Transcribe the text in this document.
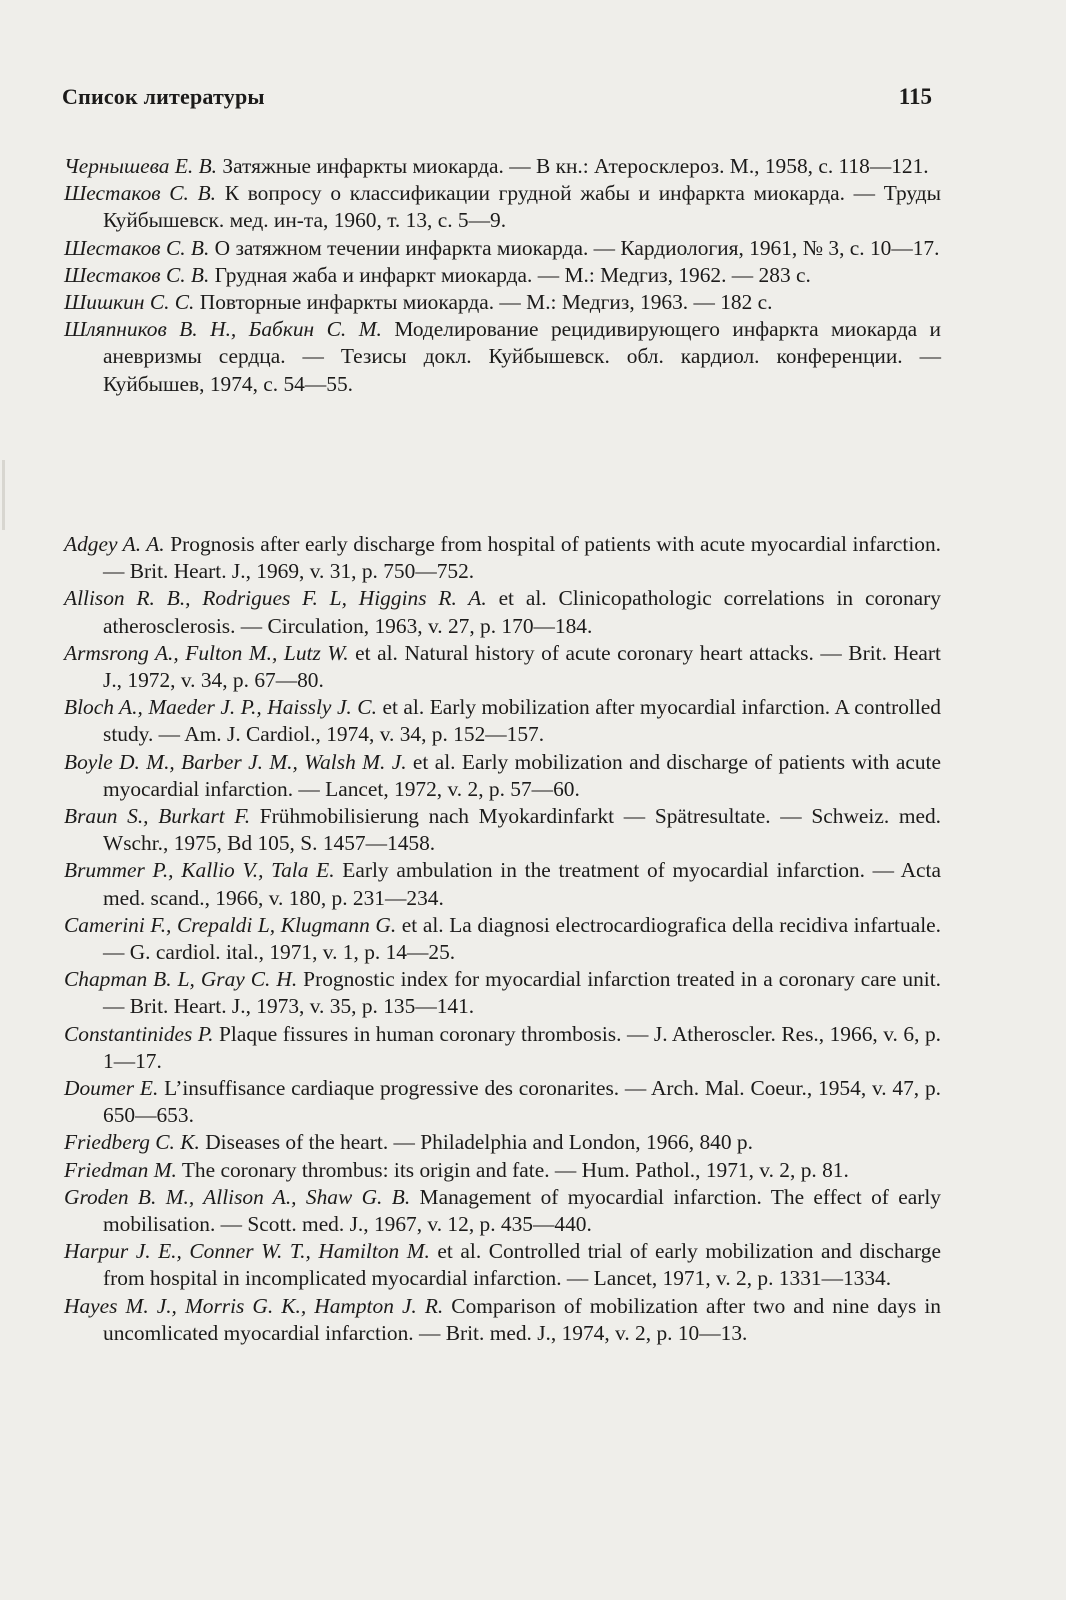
Список литературы	115
Чернышева Е. В. Затяжные инфаркты миокарда. — В кн.: Атеросклероз. М., 1958, с. 118—121.
Шестаков С. В. К вопросу о классификации грудной жабы и инфаркта миокарда. — Труды Куйбышевск. мед. ин-та, 1960, т. 13, с. 5—9.
Шестаков С. В. О затяжном течении инфаркта миокарда. — Кардиология, 1961, № 3, с. 10—17.
Шестаков С. В. Грудная жаба и инфаркт миокарда. — М.: Медгиз, 1962. — 283 с.
Шишкин С. С. Повторные инфаркты миокарда. — М.: Медгиз, 1963. — 182 с.
Шляпников В. Н., Бабкин С. М. Моделирование рецидивирующего инфаркта миокарда и аневризмы сердца. — Тезисы докл. Куйбышевск. обл. кардиол. конференции. — Куйбышев, 1974, с. 54—55.
Adgey A. A. Prognosis after early discharge from hospital of patients with acute myocardial infarction. — Brit. Heart. J., 1969, v. 31, p. 750—752.
Allison R. B., Rodrigues F. L, Higgins R. A. et al. Clinicopathologic correlations in coronary atherosclerosis. — Circulation, 1963, v. 27, p. 170—184.
Armsrong A., Fulton M., Lutz W. et al. Natural history of acute coronary heart attacks. — Brit. Heart J., 1972, v. 34, p. 67—80.
Bloch A., Maeder J. P., Haissly J. C. et al. Early mobilization after myocardial infarction. A controlled study. — Am. J. Cardiol., 1974, v. 34, p. 152—157.
Boyle D. M., Barber J. M., Walsh M. J. et al. Early mobilization and discharge of patients with acute myocardial infarction. — Lancet, 1972, v. 2, p. 57—60.
Braun S., Burkart F. Frühmobilisierung nach Myokardinfarkt — Spätresultate. — Schweiz. med. Wschr., 1975, Bd 105, S. 1457—1458.
Brummer P., Kallio V., Tala E. Early ambulation in the treatment of myocardial infarction. — Acta med. scand., 1966, v. 180, p. 231—234.
Camerini F., Crepaldi L, Klugmann G. et al. La diagnosi electrocardiografica della recidiva infartuale. — G. cardiol. ital., 1971, v. 1, p. 14—25.
Chapman B. L, Gray C. H. Prognostic index for myocardial infarction treated in a coronary care unit. — Brit. Heart. J., 1973, v. 35, p. 135—141.
Constantinides P. Plaque fissures in human coronary thrombosis. — J. Atheroscler. Res., 1966, v. 6, p. 1—17.
Doumer E. L’insuffisance cardiaque progressive des coronarites. — Arch. Mal. Coeur., 1954, v. 47, p. 650—653.
Friedberg C. K. Diseases of the heart. — Philadelphia and London, 1966, 840 p.
Friedman M. The coronary thrombus: its origin and fate. — Hum. Pathol., 1971, v. 2, p. 81.
Groden B. M., Allison A., Shaw G. B. Management of myocardial infarction. The effect of early mobilisation. — Scott. med. J., 1967, v. 12, p. 435—440.
Harpur J. E., Conner W. T., Hamilton M. et al. Controlled trial of early mobilization and discharge from hospital in incomplicated myocardial infarction. — Lancet, 1971, v. 2, p. 1331—1334.
Hayes M. J., Morris G. K., Hampton J. R. Comparison of mobilization after two and nine days in uncomlicated myocardial infarction. — Brit. med. J., 1974, v. 2, p. 10—13.
